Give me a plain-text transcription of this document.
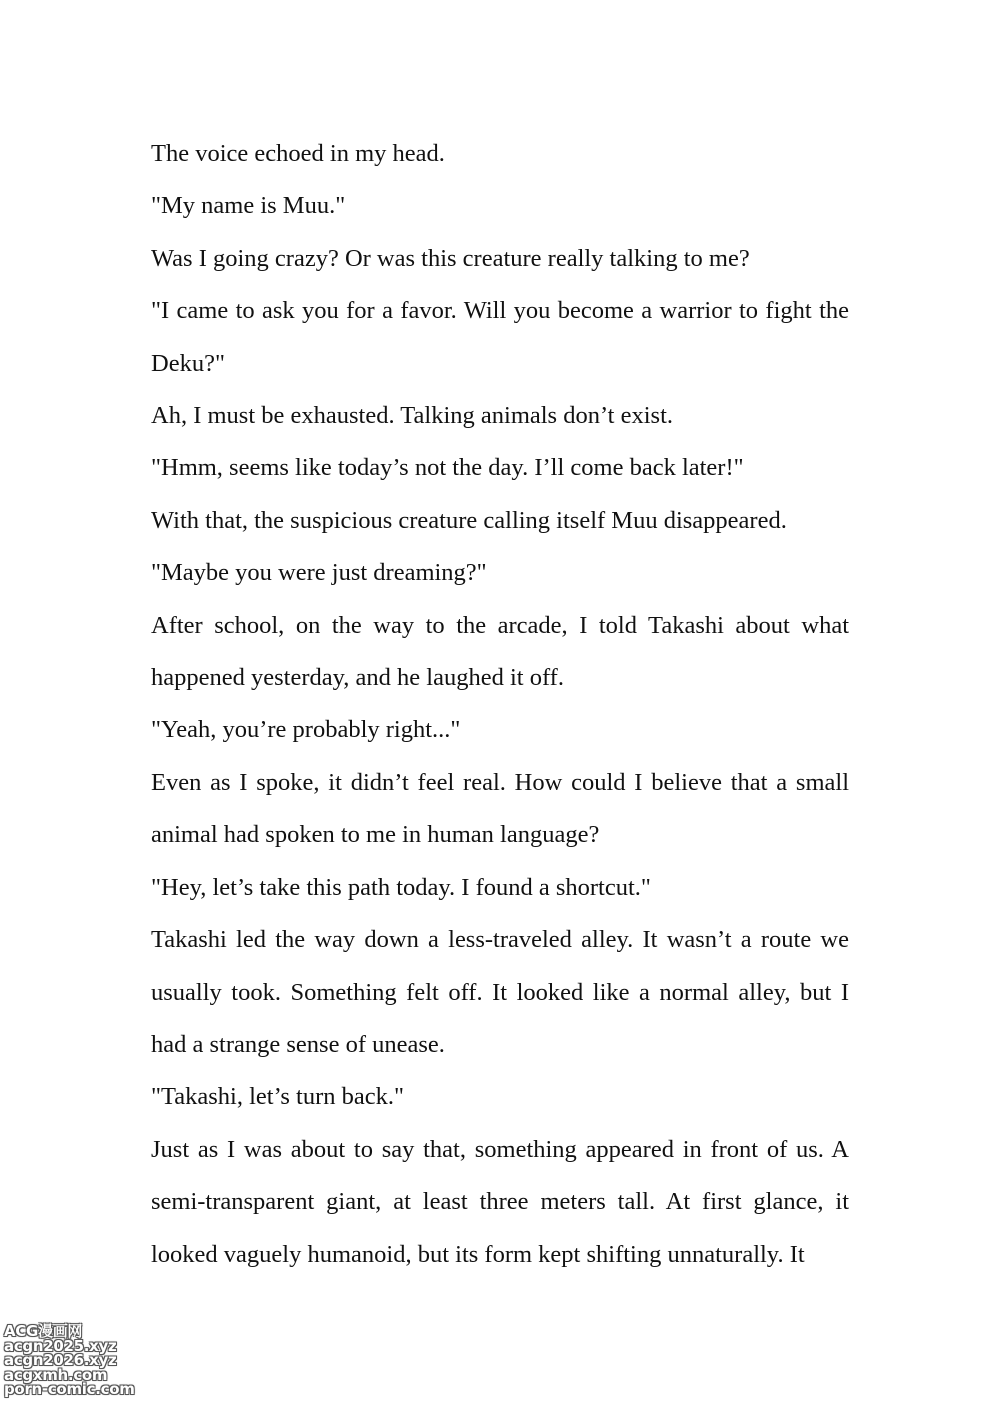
The voice echoed in my head.

"My name is Muu."

Was I going crazy? Or was this creature really talking to me?

"I came to ask you for a favor. Will you become a warrior to fight the Deku?"

Ah, I must be exhausted. Talking animals don’t exist.

"Hmm, seems like today’s not the day. I’ll come back later!"

With that, the suspicious creature calling itself Muu disappeared.

"Maybe you were just dreaming?"

After school, on the way to the arcade, I told Takashi about what happened yesterday, and he laughed it off.

"Yeah, you’re probably right..."

Even as I spoke, it didn’t feel real. How could I believe that a small animal had spoken to me in human language?

"Hey, let’s take this path today. I found a shortcut."

Takashi led the way down a less-traveled alley. It wasn’t a route we usually took. Something felt off. It looked like a normal alley, but I had a strange sense of unease.

"Takashi, let’s turn back."

Just as I was about to say that, something appeared in front of us. A semi-transparent giant, at least three meters tall. At first glance, it looked vaguely humanoid, but its form kept shifting unnaturally. It

ACG漫画网
acgn2025.xyz
acgn2026.xyz
acgxmh.com
porn-comic.com
